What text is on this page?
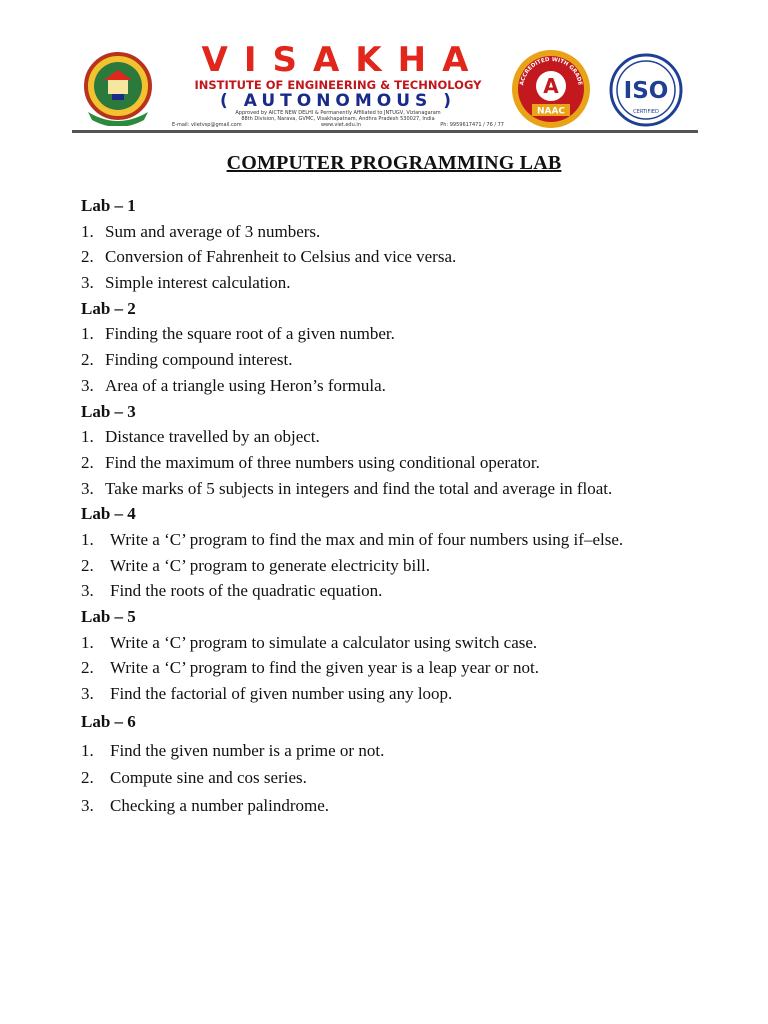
VISAKHA
INSTITUTE OF ENGINEERING & TECHNOLOGY
( AUTONOMOUS )
Approved by AICTE NEW DELHI & Permanently Affiliated to JNTUGV, Vizianagaram
88th Division, Narava, GVMC, Visakhapatnam, Andhra Pradesh 530027, India
E-mail: viietvsp@gmail.com	www.viet.edu.in	Ph: 9959617471 / 76 / 77
ACCREDITED WITH GRADE
A
NAAC
ISO
CERTIFIED
COMPUTER PROGRAMMING LAB
Lab – 1
1. Sum and average of 3 numbers.
2. Conversion of Fahrenheit to Celsius and vice versa.
3. Simple interest calculation.
Lab – 2
1. Finding the square root of a given number.
2. Finding compound interest.
3. Area of a triangle using Heron’s formula.
Lab – 3
1. Distance travelled by an object.
2. Find the maximum of three numbers using conditional operator.
3. Take marks of 5 subjects in integers and find the total and average in float.
Lab – 4
1. Write a ‘C’ program to find the max and min of four numbers using if–else.
2. Write a ‘C’ program to generate electricity bill.
3. Find the roots of the quadratic equation.
Lab – 5
1. Write a ‘C’ program to simulate a calculator using switch case.
2. Write a ‘C’ program to find the given year is a leap year or not.
3. Find the factorial of given number using any loop.
Lab – 6
1. Find the given number is a prime or not.
2. Compute sine and cos series.
3. Checking a number palindrome.
